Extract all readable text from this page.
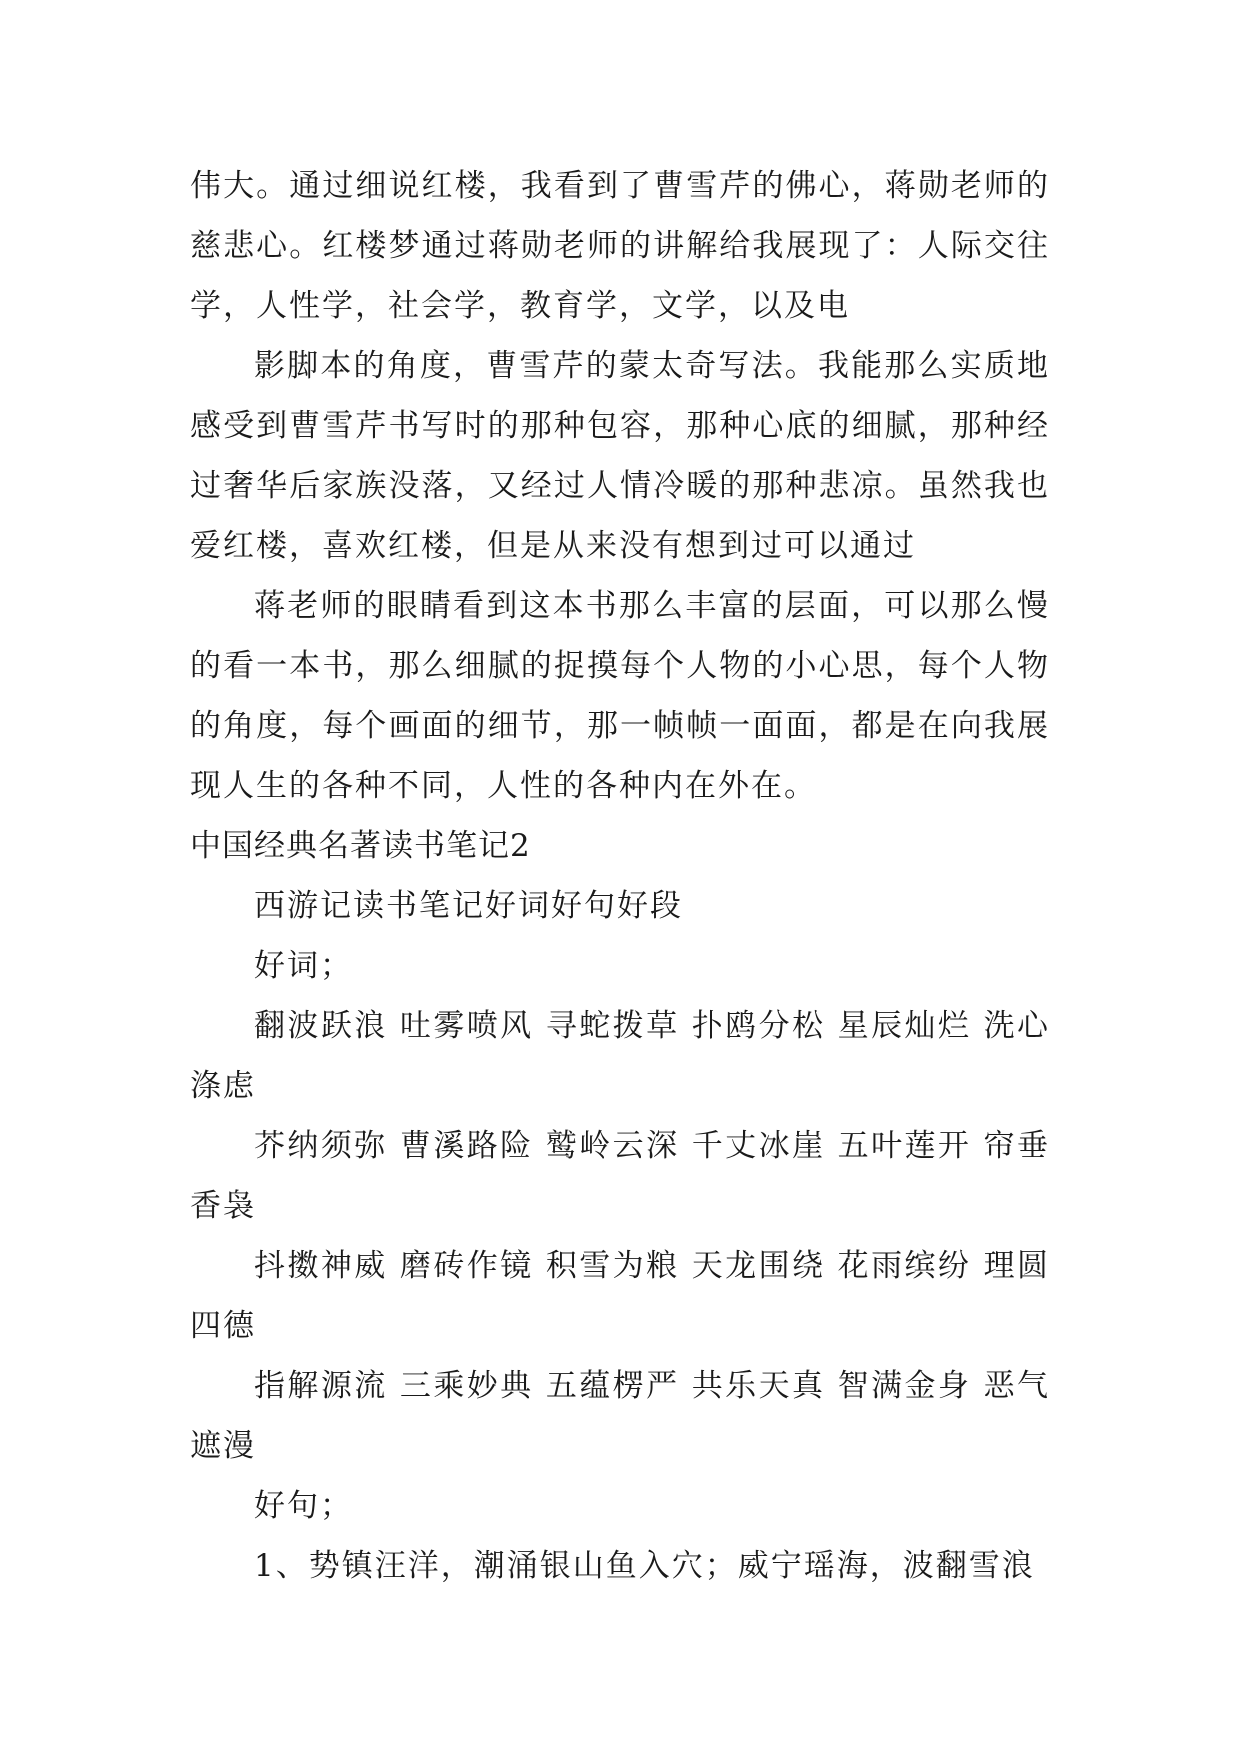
伟大。通过细说红楼，我看到了曹雪芹的佛心，蒋勋老师的慈悲心。红楼梦通过蒋勋老师的讲解给我展现了：人际交往学，人性学，社会学，教育学，文学，以及电

影脚本的角度，曹雪芹的蒙太奇写法。我能那么实质地感受到曹雪芹书写时的那种包容，那种心底的细腻，那种经过奢华后家族没落，又经过人情冷暖的那种悲凉。虽然我也爱红楼，喜欢红楼，但是从来没有想到过可以通过

蒋老师的眼睛看到这本书那么丰富的层面，可以那么慢的看一本书，那么细腻的捉摸每个人物的小心思，每个人物的角度，每个画面的细节，那一帧帧一面面，都是在向我展现人生的各种不同，人性的各种内在外在。

中国经典名著读书笔记2

西游记读书笔记好词好句好段

好词；

翻波跃浪 吐雾喷风 寻蛇拨草 扑鸥分松 星辰灿烂 洗心涤虑

芥纳须弥 曹溪路险 鹫岭云深 千丈冰崖 五叶莲开 帘垂香袅

抖擞神威 磨砖作镜 积雪为粮 天龙围绕 花雨缤纷 理圆四德

指解源流 三乘妙典 五蕴楞严 共乐天真 智满金身 恶气遮漫

好句；

1、势镇汪洋，潮涌银山鱼入穴；威宁瑶海，波翻雪浪
